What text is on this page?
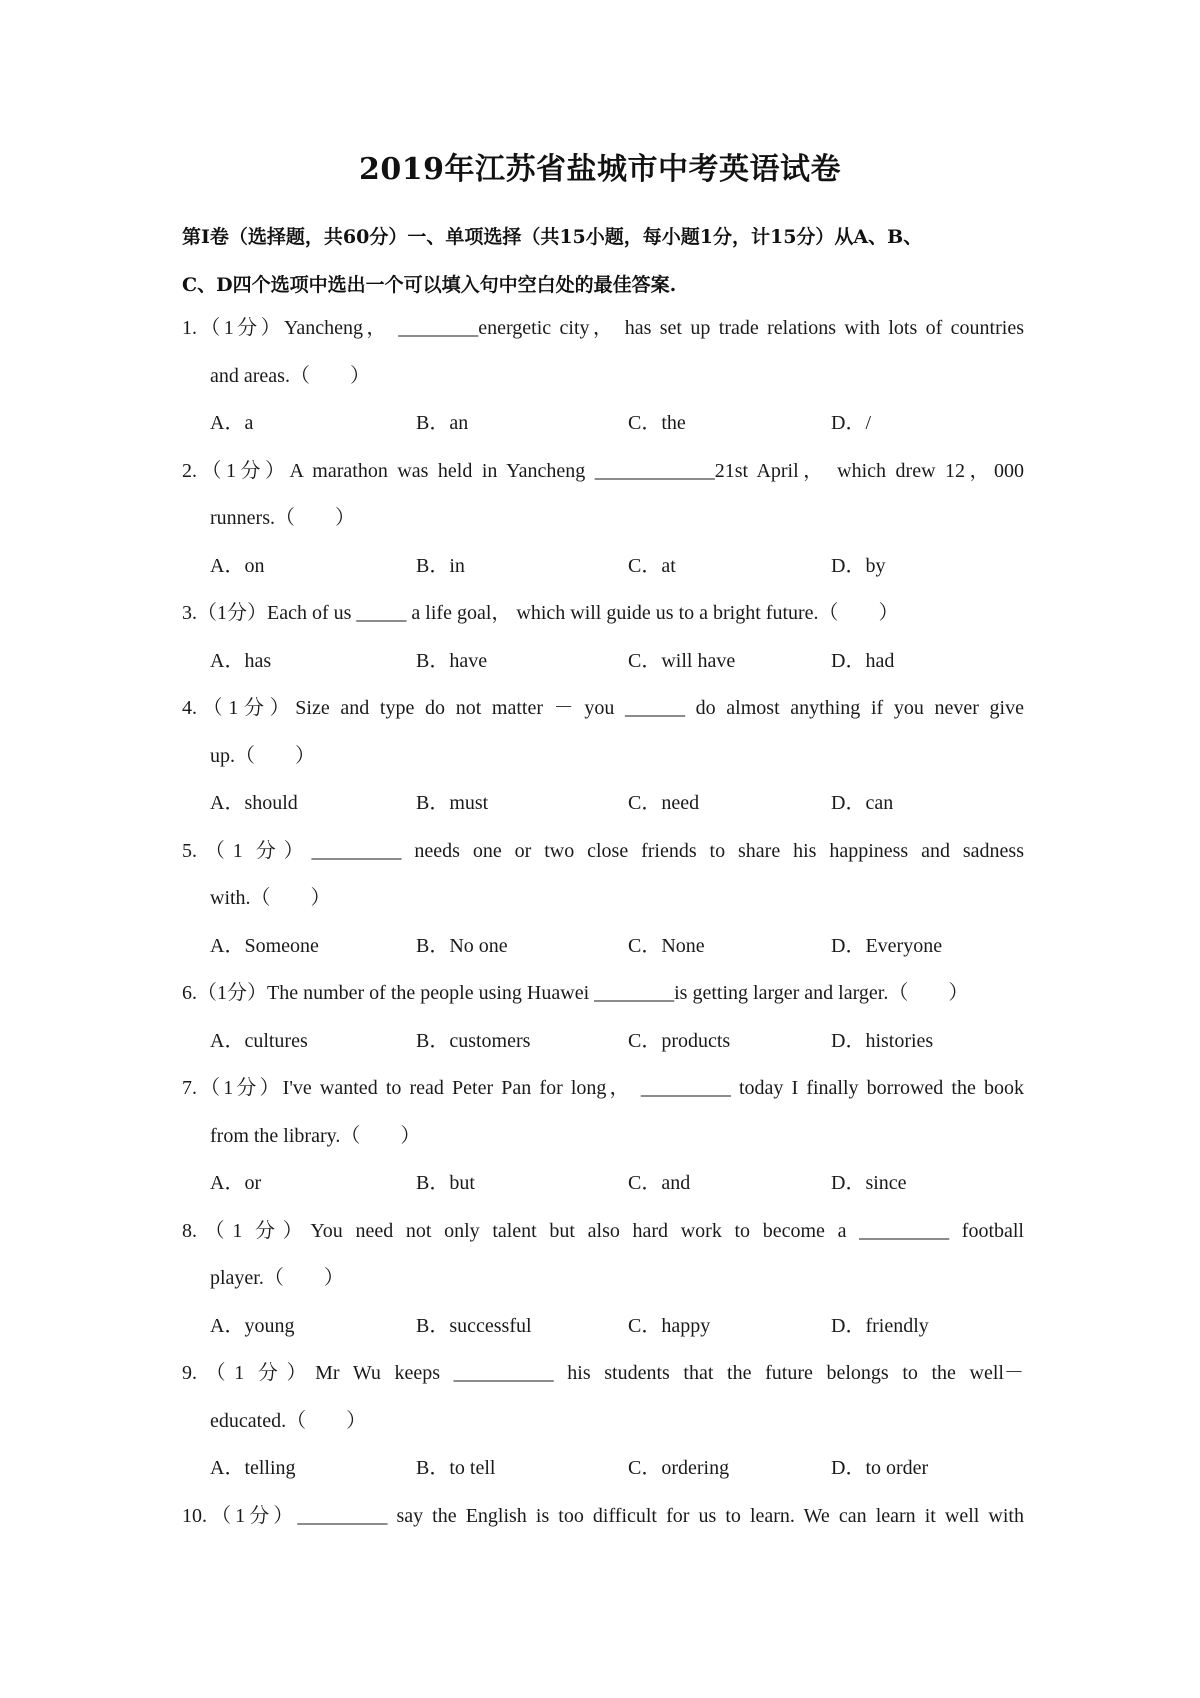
2019年江苏省盐城市中考英语试卷
第I卷（选择题，共60分）一、单项选择（共15小题，每小题1分，计15分）从A、B、
C、D四个选项中选出一个可以填入句中空白处的最佳答案.
1.（1分）Yancheng， ________energetic city， has set up trade relations with lots of countries
and areas.（　　）
A．a	B．an	C．the	D．/
2.（1分）A marathon was held in Yancheng ____________21st April， which drew 12，000
runners.（　　）
A．on	B．in	C．at	D．by
3.（1分）Each of us _____ a life goal， which will guide us to a bright future.（　　）
A．has	B．have	C．will have	D．had
4.（1分）Size and type do not matter － you ______ do almost anything if you never give
up.（　　）
A．should	B．must	C．need	D．can
5.（1 分）_________ needs one or two close friends to share his happiness and sadness
with.（　　）
A．Someone	B．No one	C．None	D．Everyone
6.（1分）The number of the people using Huawei ________is getting larger and larger.（　　）
A．cultures	B．customers	C．products	D．histories
7.（1分）I've wanted to read Peter Pan for long， _________ today I finally borrowed the book
from the library.（　　）
A．or	B．but	C．and	D．since
8.（1 分）You need not only talent but also hard work to become a _________ football
player.（　　）
A．young	B．successful	C．happy	D．friendly
9.（1 分）Mr Wu keeps __________ his students that the future belongs to the well－
educated.（　　）
A．telling	B．to tell	C．ordering	D．to order
10.（1分）_________ say the English is too difficult for us to learn. We can learn it well with
